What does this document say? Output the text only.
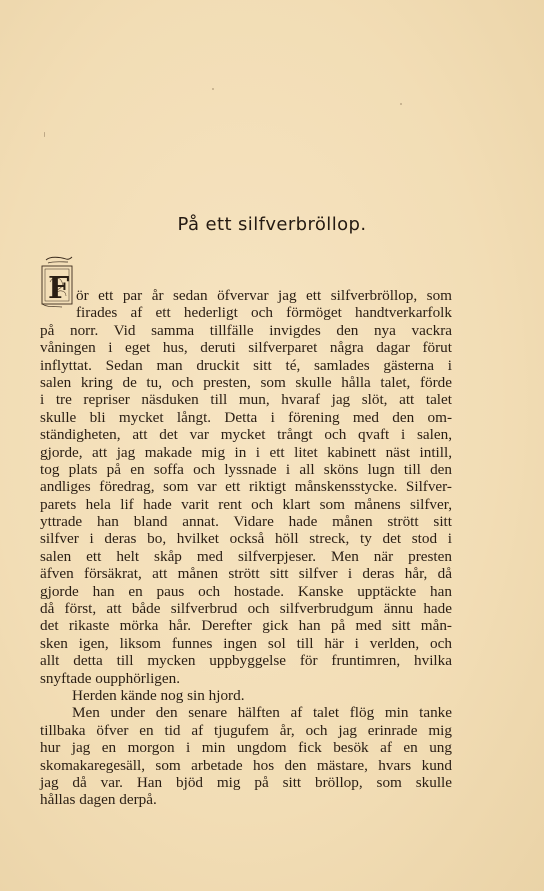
På ett silfverbröllop.
F ör ett par år sedan öfvervar jag ett silfverbröllop, som
firades af ett hederligt och förmöget handtverkarfolk
på norr. Vid samma tillfälle invigdes den nya vackra
våningen i eget hus, deruti silfverparet några dagar förut
inflyttat. Sedan man druckit sitt té, samlades gästerna i
salen kring de tu, och presten, som skulle hålla talet, förde
i tre repriser näsduken till mun, hvaraf jag slöt, att talet
skulle bli mycket långt. Detta i förening med den om-
ständigheten, att det var mycket trångt och qvaft i salen,
gjorde, att jag makade mig in i ett litet kabinett näst intill,
tog plats på en soffa och lyssnade i all sköns lugn till den
andliges föredrag, som var ett riktigt månskensstycke. Silfver-
parets hela lif hade varit rent och klart som månens silfver,
yttrade han bland annat. Vidare hade månen strött sitt
silfver i deras bo, hvilket också höll streck, ty det stod i
salen ett helt skåp med silfverpjeser. Men när presten
äfven försäkrat, att månen strött sitt silfver i deras hår, då
gjorde han en paus och hostade. Kanske upptäckte han
då först, att både silfverbrud och silfverbrudgum ännu hade
det rikaste mörka hår. Derefter gick han på med sitt mån-
sken igen, liksom funnes ingen sol till här i verlden, och
allt detta till mycken uppbyggelse för fruntimren, hvilka
snyftade oupphörligen.
Herden kände nog sin hjord.
Men under den senare hälften af talet flög min tanke
tillbaka öfver en tid af tjugufem år, och jag erinrade mig
hur jag en morgon i min ungdom fick besök af en ung
skomakaregesäll, som arbetade hos den mästare, hvars kund
jag då var. Han bjöd mig på sitt bröllop, som skulle
hållas dagen derpå.
